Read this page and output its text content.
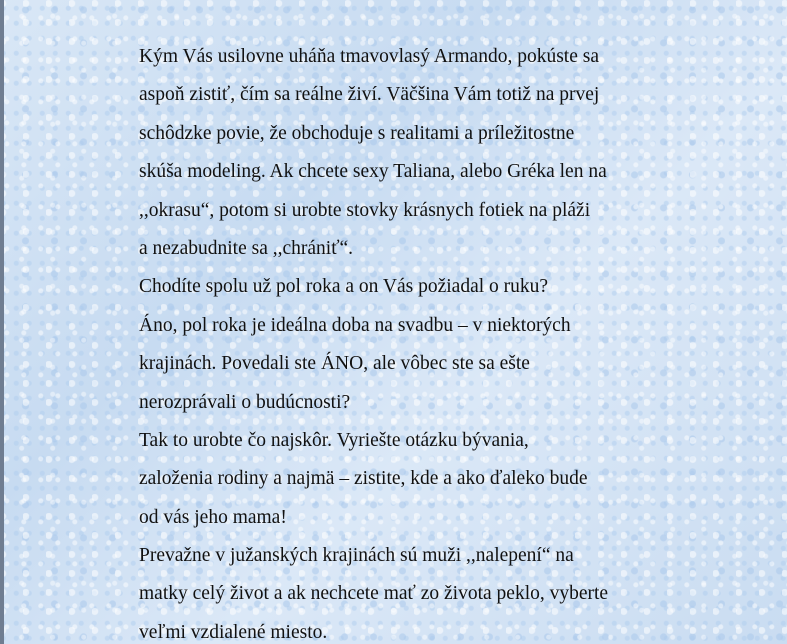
Kým Vás usilovne uháňa tmavovlasý Armando, pokúste sa

aspoň zistiť, čím sa reálne živí. Väčšina Vám totiž na prvej

schôdzke povie, že obchoduje s realitami a príležitostne

skúša modeling. Ak chcete sexy Taliana, alebo Gréka len na

,,okrasu“, potom si urobte stovky krásnych fotiek na pláži

a nezabudnite sa ,,chrániť“.

Chodíte spolu už pol roka a on Vás požiadal o ruku?

Áno, pol roka je ideálna doba na svadbu – v niektorých

krajinách. Povedali ste ÁNO, ale vôbec ste sa ešte

nerozprávali o budúcnosti?

Tak to urobte čo najskôr. Vyriešte otázku bývania,

založenia rodiny a najmä – zistite, kde a ako ďaleko bude

od vás jeho mama!

Prevažne v južanských krajinách sú muži ,,nalepení“ na

matky celý život a ak nechcete mať zo života peklo, vyberte

veľmi vzdialené miesto.
